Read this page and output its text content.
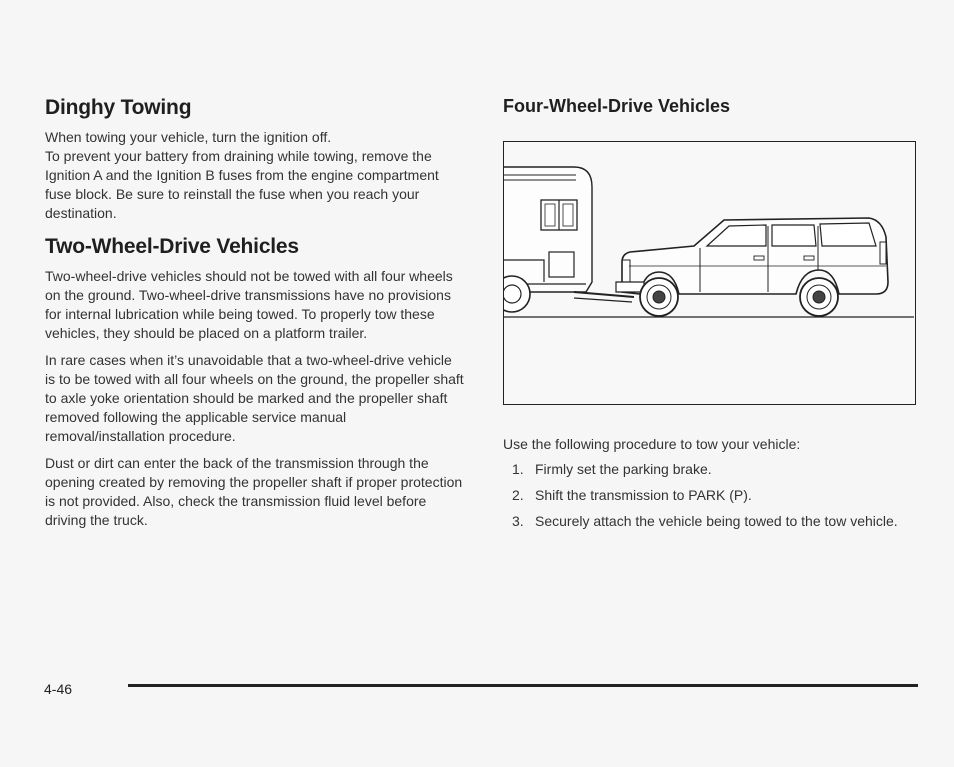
Dinghy Towing

When towing your vehicle, turn the ignition off.

To prevent your battery from draining while towing, remove the Ignition A and the Ignition B fuses from the engine compartment fuse block. Be sure to reinstall the fuse when you reach your destination.

Two-Wheel-Drive Vehicles

Two-wheel-drive vehicles should not be towed with all four wheels on the ground. Two-wheel-drive transmissions have no provisions for internal lubrication while being towed. To properly tow these vehicles, they should be placed on a platform trailer.

In rare cases when it’s unavoidable that a two-wheel-drive vehicle is to be towed with all four wheels on the ground, the propeller shaft to axle yoke orientation should be marked and the propeller shaft removed following the applicable service manual removal/installation procedure.

Dust or dirt can enter the back of the transmission through the opening created by removing the propeller shaft if proper protection is not provided. Also, check the transmission fluid level before driving the truck.

Four-Wheel-Drive Vehicles
Use the following procedure to tow your vehicle:
1. Firmly set the parking brake.
2. Shift the transmission to PARK (P).
3. Securely attach the vehicle being towed to the tow vehicle.
4-46
